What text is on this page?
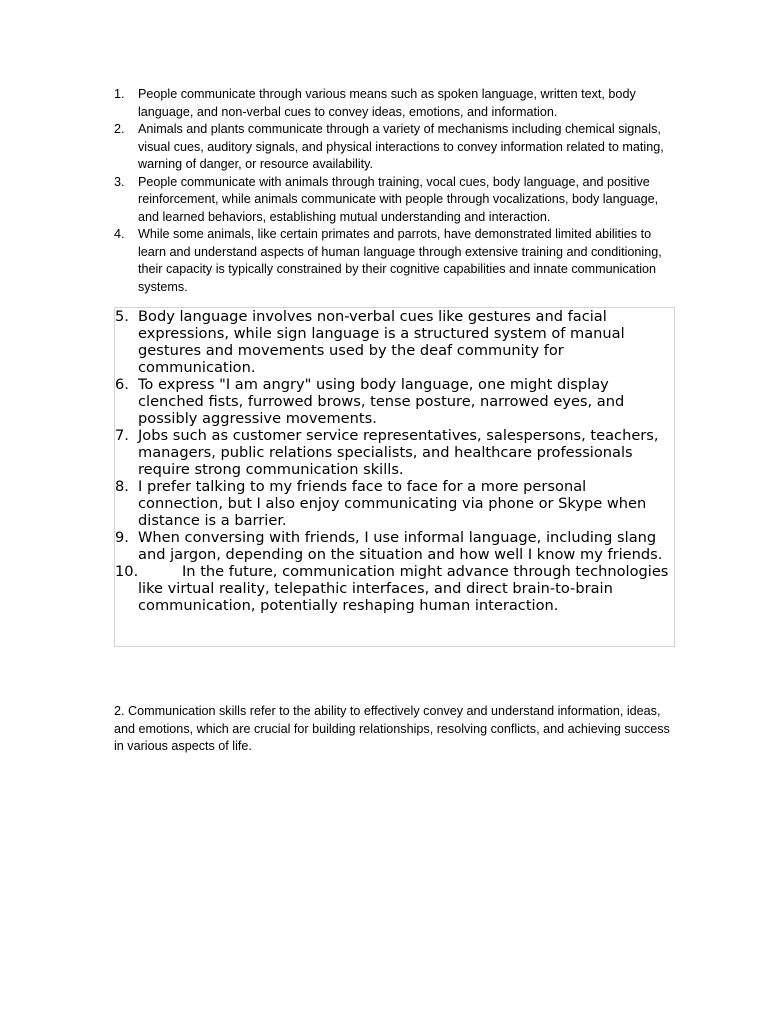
1. People communicate through various means such as spoken language, written text, body language, and non-verbal cues to convey ideas, emotions, and information.
2. Animals and plants communicate through a variety of mechanisms including chemical signals, visual cues, auditory signals, and physical interactions to convey information related to mating, warning of danger, or resource availability.
3. People communicate with animals through training, vocal cues, body language, and positive reinforcement, while animals communicate with people through vocalizations, body language, and learned behaviors, establishing mutual understanding and interaction.
4. While some animals, like certain primates and parrots, have demonstrated limited abilities to learn and understand aspects of human language through extensive training and conditioning, their capacity is typically constrained by their cognitive capabilities and innate communication systems.
5. Body language involves non-verbal cues like gestures and facial expressions, while sign language is a structured system of manual gestures and movements used by the deaf community for communication.
6. To express "I am angry" using body language, one might display clenched fists, furrowed brows, tense posture, narrowed eyes, and possibly aggressive movements.
7. Jobs such as customer service representatives, salespersons, teachers, managers, public relations specialists, and healthcare professionals require strong communication skills.
8. I prefer talking to my friends face to face for a more personal connection, but I also enjoy communicating via phone or Skype when distance is a barrier.
9. When conversing with friends, I use informal language, including slang and jargon, depending on the situation and how well I know my friends.
10.	In the future, communication might advance through technologies like virtual reality, telepathic interfaces, and direct brain-to-brain communication, potentially reshaping human interaction.
2. Communication skills refer to the ability to effectively convey and understand information, ideas, and emotions, which are crucial for building relationships, resolving conflicts, and achieving success in various aspects of life.
